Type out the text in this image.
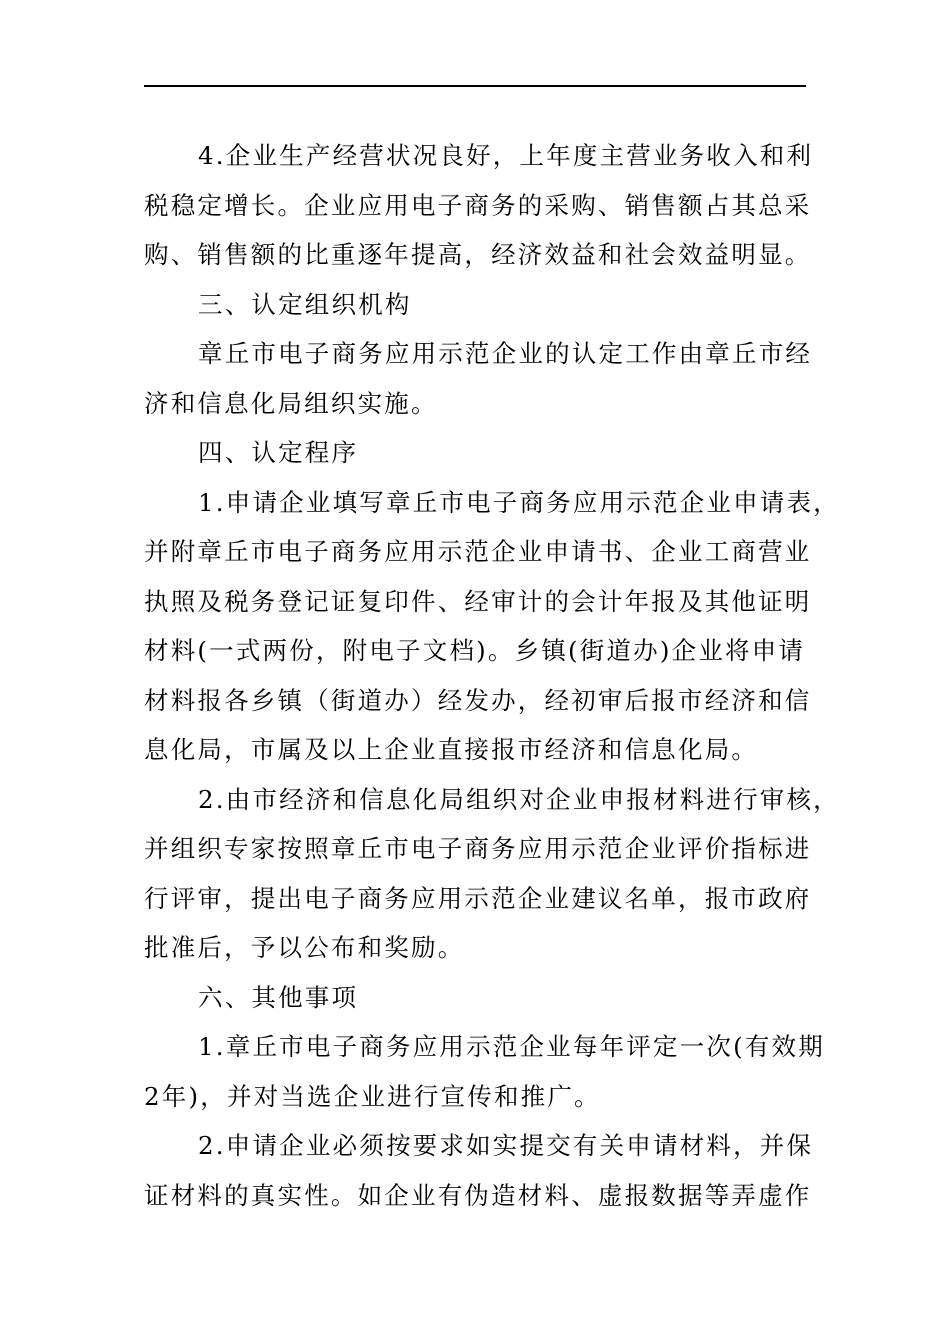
4.企业生产经营状况良好，上年度主营业务收入和利
税稳定增长。企业应用电子商务的采购、销售额占其总采
购、销售额的比重逐年提高，经济效益和社会效益明显。

三、认定组织机构

章丘市电子商务应用示范企业的认定工作由章丘市经
济和信息化局组织实施。

四、认定程序

1.申请企业填写章丘市电子商务应用示范企业申请表，
并附章丘市电子商务应用示范企业申请书、企业工商营业
执照及税务登记证复印件、经审计的会计年报及其他证明
材料(一式两份，附电子文档)。乡镇(街道办)企业将申请
材料报各乡镇（街道办）经发办，经初审后报市经济和信
息化局，市属及以上企业直接报市经济和信息化局。

2.由市经济和信息化局组织对企业申报材料进行审核，
并组织专家按照章丘市电子商务应用示范企业评价指标进
行评审，提出电子商务应用示范企业建议名单，报市政府
批准后，予以公布和奖励。

六、其他事项

1.章丘市电子商务应用示范企业每年评定一次(有效期
2年)，并对当选企业进行宣传和推广。

2.申请企业必须按要求如实提交有关申请材料，并保
证材料的真实性。如企业有伪造材料、虚报数据等弄虚作
